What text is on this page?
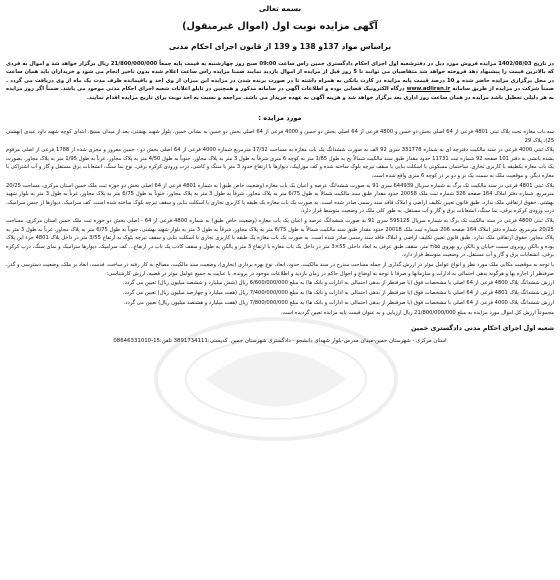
بسمه تعالی
آگهی مزایده نوبت اول (اموال غیرمنقول)
براساس مواد 137و 138 و 139 از قانون اجرای احکام مدنی
در تاریخ 1402/08/03 مزایده فروش مورد ذیل در دفترشعبه اول اجرای احکام دادگستری خمین راس ساعت 09:00 صبح روز چهارشنبه به قیمت پایه جمعاً 21/800/000/000 ریال برگزار خواهد شد و اموال به فردی که بالاترین قیمت را پیشنهاد دهد فروخته خواهد شد متقاضیان می توانند تا 5 روز قبل از مزایده از اموال بازدید نمایند ضمنا مزایده راس ساعت اعلام شده بدون تاخیر انجام می شود و خریداران باید همان ساعت در محل برگزاری مزایده حاضر شده و 10 درصد قیمت پایه مزایده در کارت بانکی به همراه داشته تا در صورت برنده شدن در مزایده این میزان از وی اخذ و باقیمانده ظرف مدت یک ماه از وی دریافت می گردد . ضمناً شرکت در مزایده از طریق سامانه www.adliran.ir درگاه الکترونیک قضایی بوده و اطلاعات آگهی در سامانه مذکور و همچنین در تابلو اعلانات شعبه اجرای احکام مدنی موجود می باشد. ضمناً اگر روز مزایده به هر دلیلی تعطیل باشد مزایده در همان ساعت روز اداری بعد برگزار خواهد شد و هزینه آگهی به عهده خریدار می باشد. مراجعه و نسبت به اخذ نوبت برای تاریخ مزایده اقدام نمایند.
مورد مزایده :

سه باب مغازه تحت پلاک ثبتی 4801 فرعی از 64 اصلی بخش دو خمین و 4800 فرعی از 64 اصلی بخش دو خمین و 4000 فرعی از 64 اصلی بخش دو خمین به نشانی خمین، بلوار شهید بهشتی، بعد از میدان بسیج، ابتدای کوچه شهید داود عیدی (بهشتی 25)، پلاک 29

پلاک ثبتی 4000 فرعی در سند مالکیت دفترچه ای به شماره 331778 سری 92 الف به صورت ششدانگ یک باب مغازه به مساحت 17/32 مترمربع شماره 4000 فرعی از 64 اصلی بخش دو - خمین مفروز و مجزی شده از 1788 فرعی از اصلی مرقوم بشده بانشی به دفتر 101 صفحه 92 شماره ثبت 11731 حدود مقدار طبق سند مالکیت شمالاً پخ به طول 1/85 متر به کوچه 6 متری شرقاً به طول 3 متر به پلاک مجاور، جنوباً به طول 4/50 متر به پلاک مجاور، غرباً به طول 1/95 متر به پلاک مجاور. بصورت یک باب مغازه یکطبقه با کاربری تجاری. ساختمان مسکونی با اسکلت بنایی با سقف تیرچه بلوک ساخته شده و کف موزاییک، دیوارها با ارتفاع حدود 3 متر با سنگ و کاشی، درب ورودی کرکره برقی، نوع نما سنگ، انشعابات برق مستقل و گاز و آب اشتراکی با مغازه دیگر، و موقعیت ملک به سمت یک بر و دو بر در کوچه 6 متری واقع شده است.

پلاک ثبتی 4801 فرعی در سند مالکیت تک برگ به شماره سریال 644939 سری 91 به صورت ششدانگ عرصه و اعیان یک باب مغازه (وضعیت خاص طبق) به شماره 4801 فرعی از 64 اصلی بخش دو حوزه ثبت ملک خمین استان مرکزی، مساحت 20/25 مترمربع، شماره دفتر املاک 164 صفحه 326 شماره ثبت ملک 20058 حدود مقدار طبق سند مالکیت شمالاً به طول 6/75 متر به پلاک مجاور، شرقاً به طول 3 متر به پلاک مجاور، جنوباً به طول 6/75 متر به پلاک مجاور، غرباً به طول 3 متر به بلوار شهید بهشتی. حقوق ارتفاقی ملک ندارد. طبق قانون تعیین تکلیف اراضی و املاک فاقد سند رسمی صادر شده است. به صورت یک باب مغازه یک طبقه با کاربری تجاری با اسکلت بنایی و سقف تیرچه بلوک ساخته شده است. کف سرامیک، دیوارها از جنس سرامیک، درب ورودی کرکره برقی، نما سنگ، انشعابات برق و گاز و آب مستقل. به طور کلی ملک در وضعیت متوسط قرار دارد.

پلاک ثبتی 4800 فرعی در سند مالکیت تک برگ به شماره سریال 595125 سری 91 به صورت ششدانگ عرصه و اعیان یک باب مغازه (وضعیت خاص طبق) به شماره 4800 فرعی از 64 - اصلی بخش دو حوزه ثبت ملک خمین استان مرکزی، مساحت 20/25 مترمربع، شماره دفتر املاک 164 صفحه 206 شماره ثبت ملک 20018 حدود مقدار طبق سند مالکیت شمالاً به طول 6/75 متر به پلاک مجاور، شرقاً به طول 3 متر به بلوار شهید بهشتی، جنوباً به طول 6/75 متر به پلاک مجاور، غرباً به طول 3 متر به پلاک مجاور. حقوق ارتفاقی ملک ندارد. طبق قانون تعیین تکلیف اراضی و املاک فاقد سند رسمی صادر شده است. به صورت یک باب مغازه یک طبقه با کاربری تجاری با اسکلت بنایی و سقف تیرچه بلوک به ارتفاع 3/55 متر در داخل پلاک 4801 جزء این پلاک بوده و بالکن روبروی سمت خیابان و بالکن رو بهروی ۳/۵۵ متر، سقف طبق عرفی به ابعاد داخلی 55×3 متر در داخل یک باب مغازه با ارتفاع 3 متر و بالکن به طول و سقف کاذب یک باب در ارتفاع... کف سرامیک، دیوارها سرامیک و نمای سنگ، درب کرکره برقی، انشعابات برق و گاز و آب مستقل، در وضعیت متوسط قرار دارد.

با توجه به موقعیت مکانی ملک مورد نظر و انواع عوامل موثر در ارزش گذاری از جمله مساحت مندرج در سند مالکیت، حدود، ابعاد، نوع بهره برداری (تجاری)، وضعیت سند مالکیت، مصالح به کار رفته در ساخت، قدمت، ابعاد بر ملک، وضعیت دسترسی و گذر، صرفنظر از اجاره بها و هرگونه بدهی احتمالی به ادارات و سازمانها و صرفا با توجه به اوضاع و احوال حاکم در زمان بازدید و اطلاعات موجود در پرونده، با عنایت به جمیع عوامل موثر در قضیه، ارزش کارشناسی:

ارزش ششدانگ پلاک 4800 فرعی از 64 اصلی با مشخصات فوق (با صرفنظر از بدهی احتمالی به ادارات و بانک ها) به مبلغ 6/600/000/000 ریال (شش میلیارد و ششصد میلیون ریال) تعیین می گردد.

ارزش ششدانگ پلاک 4801 فرعی از 64 اصلی با مشخصات فوق (با صرفنظر از بدهی احتمالی به ادارات و بانک ها) به مبلغ 7/400/000/000 ریال (هفت میلیارد و چهارصد میلیون ریال) تعیین می گردد.

ارزش ششدانگ پلاک 4000 فرعی از 64 اصلی با مشخصات فوق (با صرفنظر از بدهی احتمالی به ادارات و بانک ها) به مبلغ 7/800/000/000 ریال (هفت میلیارد و هشتصد میلیون ریال) تعیین می گردد.

مجموعاً ارزش کل اموال مورد مزایده به مبلغ 21/800/000/000 ریال ارزیابی و به عنوان قیمت پایه مزایده تعیین گردیده است.

شعبه اول اجرای احکام مدنی دادگستری خمین
استان مرکزی - شهرستان خمین-میدان مدرس-بلوار شهدای دانشجو - دادگستری شهرستان خمین. کدپستی:3891734111 تلفن:15-08646331010
